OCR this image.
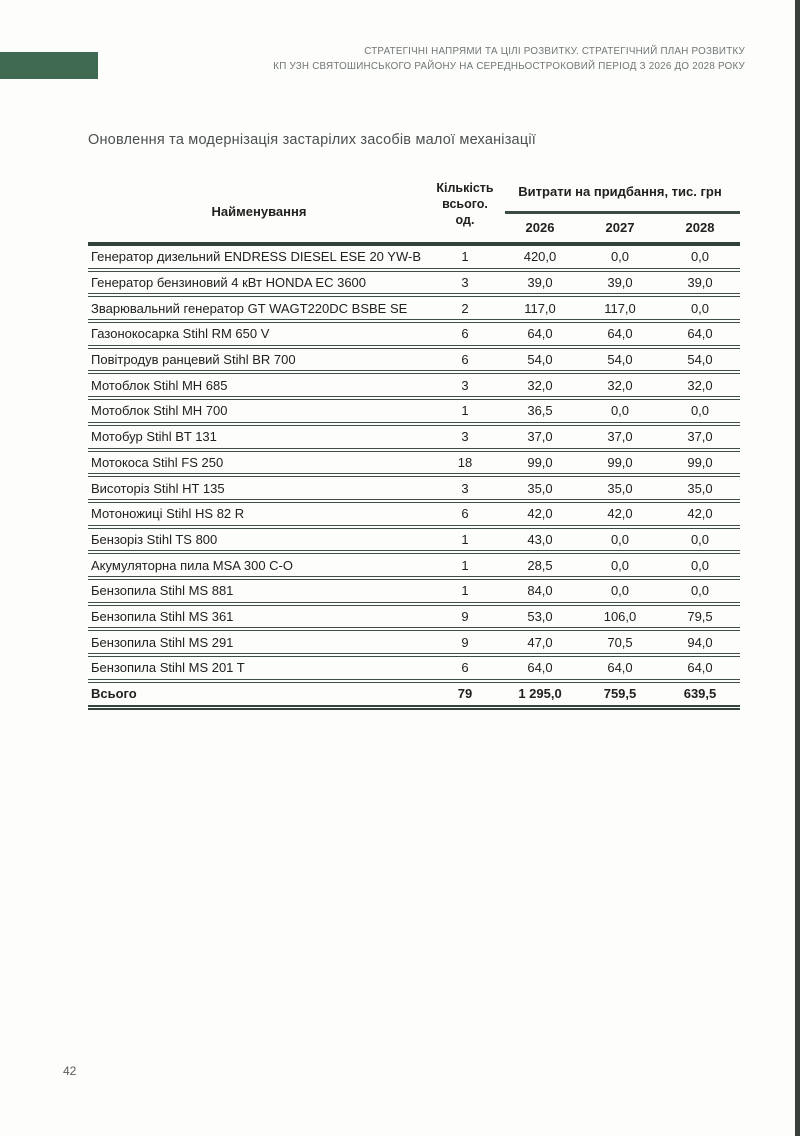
СТРАТЕГІЧНІ НАПРЯМИ ТА ЦІЛІ РОЗВИТКУ. СТРАТЕГІЧНИЙ ПЛАН РОЗВИТКУ
КП УЗН СВЯТОШИНСЬКОГО РАЙОНУ НА СЕРЕДНЬОСТРОКОВИЙ ПЕРІОД З 2026 ДО 2028 РОКУ
Оновлення та модернізація застарілих засобів малої механізації
Найменування
Кількість
всього.
од.
Витрати на придбання, тис. грн
2026	2027	2028
Генератор дизельний ENDRESS DIESEL ESE 20 YW-B	1	420,0	0,0	0,0
Генератор бензиновий 4 кВт HONDA EC 3600	3	39,0	39,0	39,0
Зварювальний генератор GT WAGT220DC BSBE SE	2	117,0	117,0	0,0
Газонокосарка Stihl RM 650 V	6	64,0	64,0	64,0
Повітродув ранцевий Stihl BR 700	6	54,0	54,0	54,0
Мотоблок Stihl MH 685	3	32,0	32,0	32,0
Мотоблок Stihl MH 700	1	36,5	0,0	0,0
Мотобур Stihl BT 131	3	37,0	37,0	37,0
Мотокоса Stihl FS 250	18	99,0	99,0	99,0
Висоторіз Stihl HT 135	3	35,0	35,0	35,0
Мотоножиці Stihl HS 82 R	6	42,0	42,0	42,0
Бензоріз Stihl TS 800	1	43,0	0,0	0,0
Акумуляторна пила MSA 300 C-O	1	28,5	0,0	0,0
Бензопила Stihl MS 881	1	84,0	0,0	0,0
Бензопила Stihl MS 361	9	53,0	106,0	79,5
Бензопила Stihl MS 291	9	47,0	70,5	94,0
Бензопила Stihl MS 201 T	6	64,0	64,0	64,0
Всього	79	1 295,0	759,5	639,5
42
